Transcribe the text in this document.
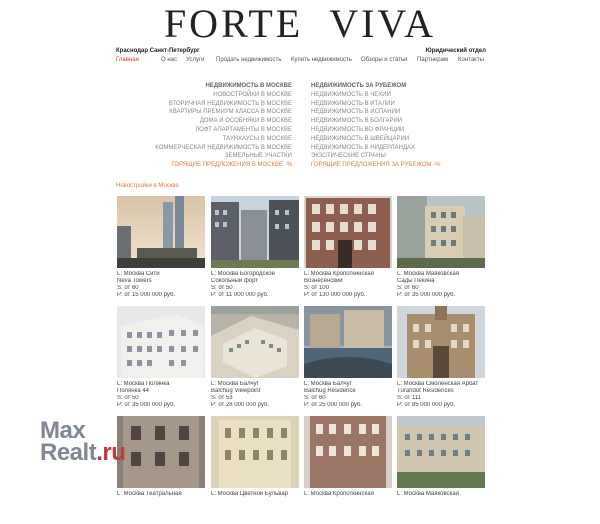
FORTE VIVA
Краснодар Санкт-Петербург	Юридический отдел
Главная	О нас Услуги Продать недвижимость Купить недвижимость Обзоры и статьи Партнерам Контакты
НЕДВИЖИМОСТЬ В МОСКВЕ
НОВОСТРОЙКИ В МОСКВЕ
ВТОРИЧНАЯ НЕДВИЖИМОСТЬ В МОСКВЕ
КВАРТИРЫ ПРЕМИУМ КЛАССА В МОСКВЕ
ДОМА И ОСОБНЯКИ В МОСКВЕ
ЛОФТ АПАРТАМЕНТЫ В МОСКВЕ
ТАУНХАУСЫ В МОСКВЕ
КОММЕРЧЕСКАЯ НЕДВИЖИМОСТЬ В МОСКВЕ
ЗЕМЕЛЬНЫЕ УЧАСТКИ
ГОРЯЩИЕ ПРЕДЛОЖЕНИЯ В МОСКВЕ -%
НЕДВИЖИМОСТЬ ЗА РУБЕЖОМ
НЕДВИЖИМОСТЬ В ЧЕХИИ
НЕДВИЖИМОСТЬ В ИТАЛИИ
НЕДВИЖИМОСТЬ В ИСПАНИИ
НЕДВИЖИМОСТЬ В БОЛГАРИИ
НЕДВИЖИМОСТЬ ВО ФРАНЦИИ
НЕДВИЖИМОСТЬ В ШВЕЙЦАРИИ
НЕДВИЖИМОСТЬ В НИДЕРЛАНДАХ
ЭКЗОТИЧЕСКИЕ СТРАНЫ
ГОРЯЩИЕ ПРЕДЛОЖЕНИЯ ЗА РУБЕЖОМ -%
Новостройки в Москве
L: Москва Сити
Neva Towers
S: от 60
P: от 15 000 000 руб.
L: Москва Богородское
Сокольный форт
S: от 50
P: от 11 000 000 руб.
L: Москва Кропоткинская
Вознесенский
S: от 100
P: от 130 000 000 руб.
L: Москва Маяковская
Сады Пекина
S: от 60
P: от 35 000 000 руб.
L: Москва Полянка
Полянка 44
S: от 50
P: от 35 000 000 руб.
L: Москва Балчуг
Balchug Viewpoint
S: от 53
P: от 28 000 000 руб.
L: Москва Балчуг
Balchug Residence
S: от 60
P: от 25 000 000 руб.
L: Москва Смоленская Арбат
Turandot Residences
S: от 111
P: от 85 000 000 руб.
L: Москва Театральная	L: Москва Цветной Бульвар	L: Москва Кропоткинская	L: Москва Маяковская
Max
Realt.ru
